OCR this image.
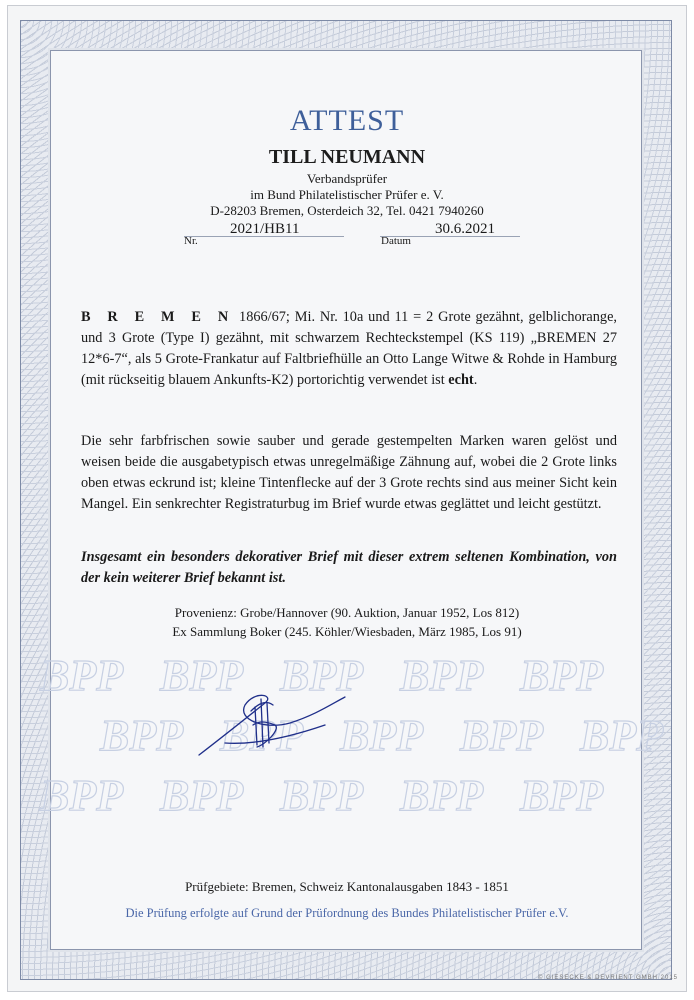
BPP BPP BPP BPP BPP
BPP BPP BPP BPP BPP
BPP BPP BPP BPP BPP
ATTEST
TILL NEUMANN
Verbandsprüfer
im Bund Philatelistischer Prüfer e. V.
D-28203 Bremen, Osterdeich 32, Tel. 0421 7940260
2021/HB11	30.6.2021
Nr.	Datum
B R E M E N 1866/67; Mi. Nr. 10a und 11 = 2 Grote gezähnt, gelblichorange, und 3 Grote (Type I) gezähnt, mit schwarzem Rechteckstempel (KS 119) „BREMEN 27 12*6-7“, als 5 Grote-Frankatur auf Faltbriefhülle an Otto Lange Witwe & Rohde in Hamburg (mit rückseitig blauem Ankunfts-K2) portorichtig verwendet ist echt.
Die sehr farbfrischen sowie sauber und gerade gestempelten Marken waren gelöst und weisen beide die ausgabetypisch etwas unregelmäßige Zähnung auf, wobei die 2 Grote links oben etwas eckrund ist; kleine Tintenflecke auf der 3 Grote rechts sind aus meiner Sicht kein Mangel. Ein senkrechter Registraturbug im Brief wurde etwas geglättet und leicht gestützt.
Insgesamt ein besonders dekorativer Brief mit dieser extrem seltenen Kombination, von der kein weiterer Brief bekannt ist.
Provenienz: Grobe/Hannover (90. Auktion, Januar 1952, Los 812)
Ex Sammlung Boker (245. Köhler/Wiesbaden, März 1985, Los 91)
Prüfgebiete: Bremen, Schweiz Kantonalausgaben 1843 - 1851
Die Prüfung erfolgte auf Grund der Prüfordnung des Bundes Philatelistischer Prüfer e.V.
© GIESECKE & DEVRIENT GMBH 2015
